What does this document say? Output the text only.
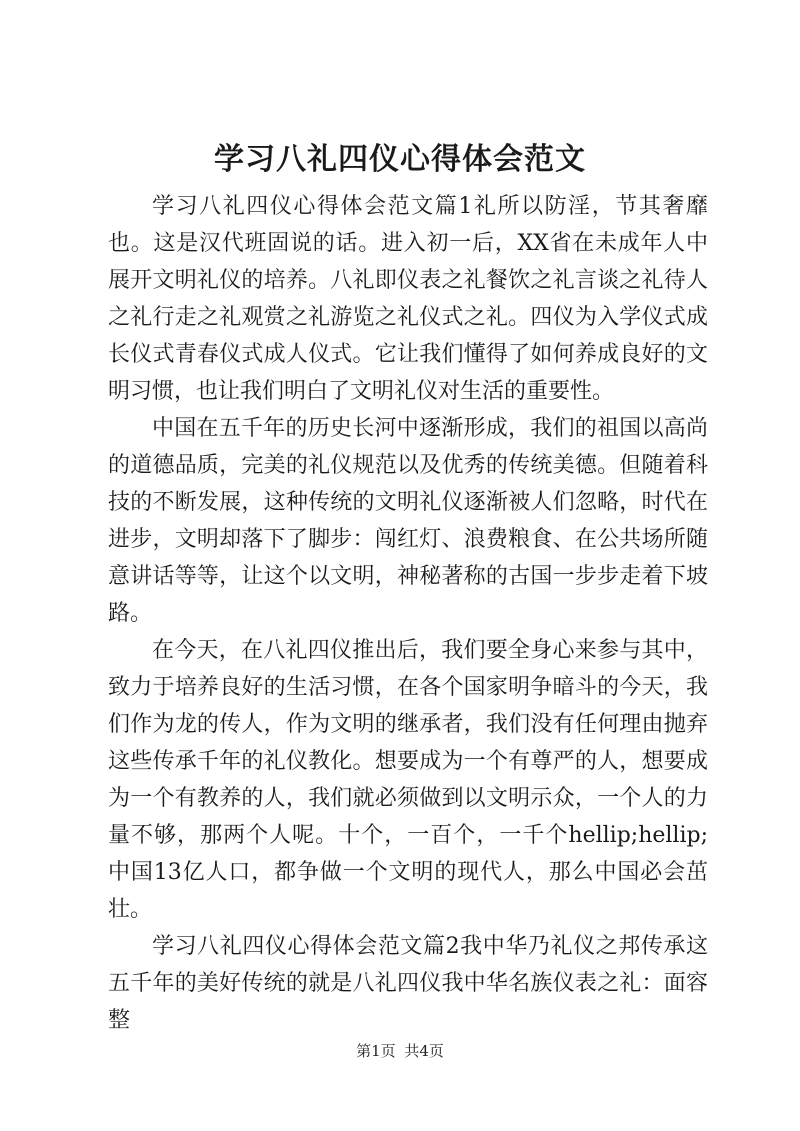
学习八礼四仪心得体会范文

学习八礼四仪心得体会范文篇1礼所以防淫，节其奢靡也。这是汉代班固说的话。进入初一后，XX省在未成年人中展开文明礼仪的培养。八礼即仪表之礼餐饮之礼言谈之礼待人之礼行走之礼观赏之礼游览之礼仪式之礼。四仪为入学仪式成长仪式青春仪式成人仪式。它让我们懂得了如何养成良好的文明习惯，也让我们明白了文明礼仪对生活的重要性。

中国在五千年的历史长河中逐渐形成，我们的祖国以高尚的道德品质，完美的礼仪规范以及优秀的传统美德。但随着科技的不断发展，这种传统的文明礼仪逐渐被人们忽略，时代在进步，文明却落下了脚步：闯红灯、浪费粮食、在公共场所随意讲话等等，让这个以文明，神秘著称的古国一步步走着下坡路。

在今天，在八礼四仪推出后，我们要全身心来参与其中，致力于培养良好的生活习惯，在各个国家明争暗斗的今天，我们作为龙的传人，作为文明的继承者，我们没有任何理由抛弃这些传承千年的礼仪教化。想要成为一个有尊严的人，想要成为一个有教养的人，我们就必须做到以文明示众，一个人的力量不够，那两个人呢。十个，一百个，一千个hellip;hellip;中国13亿人口，都争做一个文明的现代人，那么中国必会茁壮。

学习八礼四仪心得体会范文篇2我中华乃礼仪之邦传承这五千年的美好传统的就是八礼四仪我中华名族仪表之礼：面容整

第1页 共4页
